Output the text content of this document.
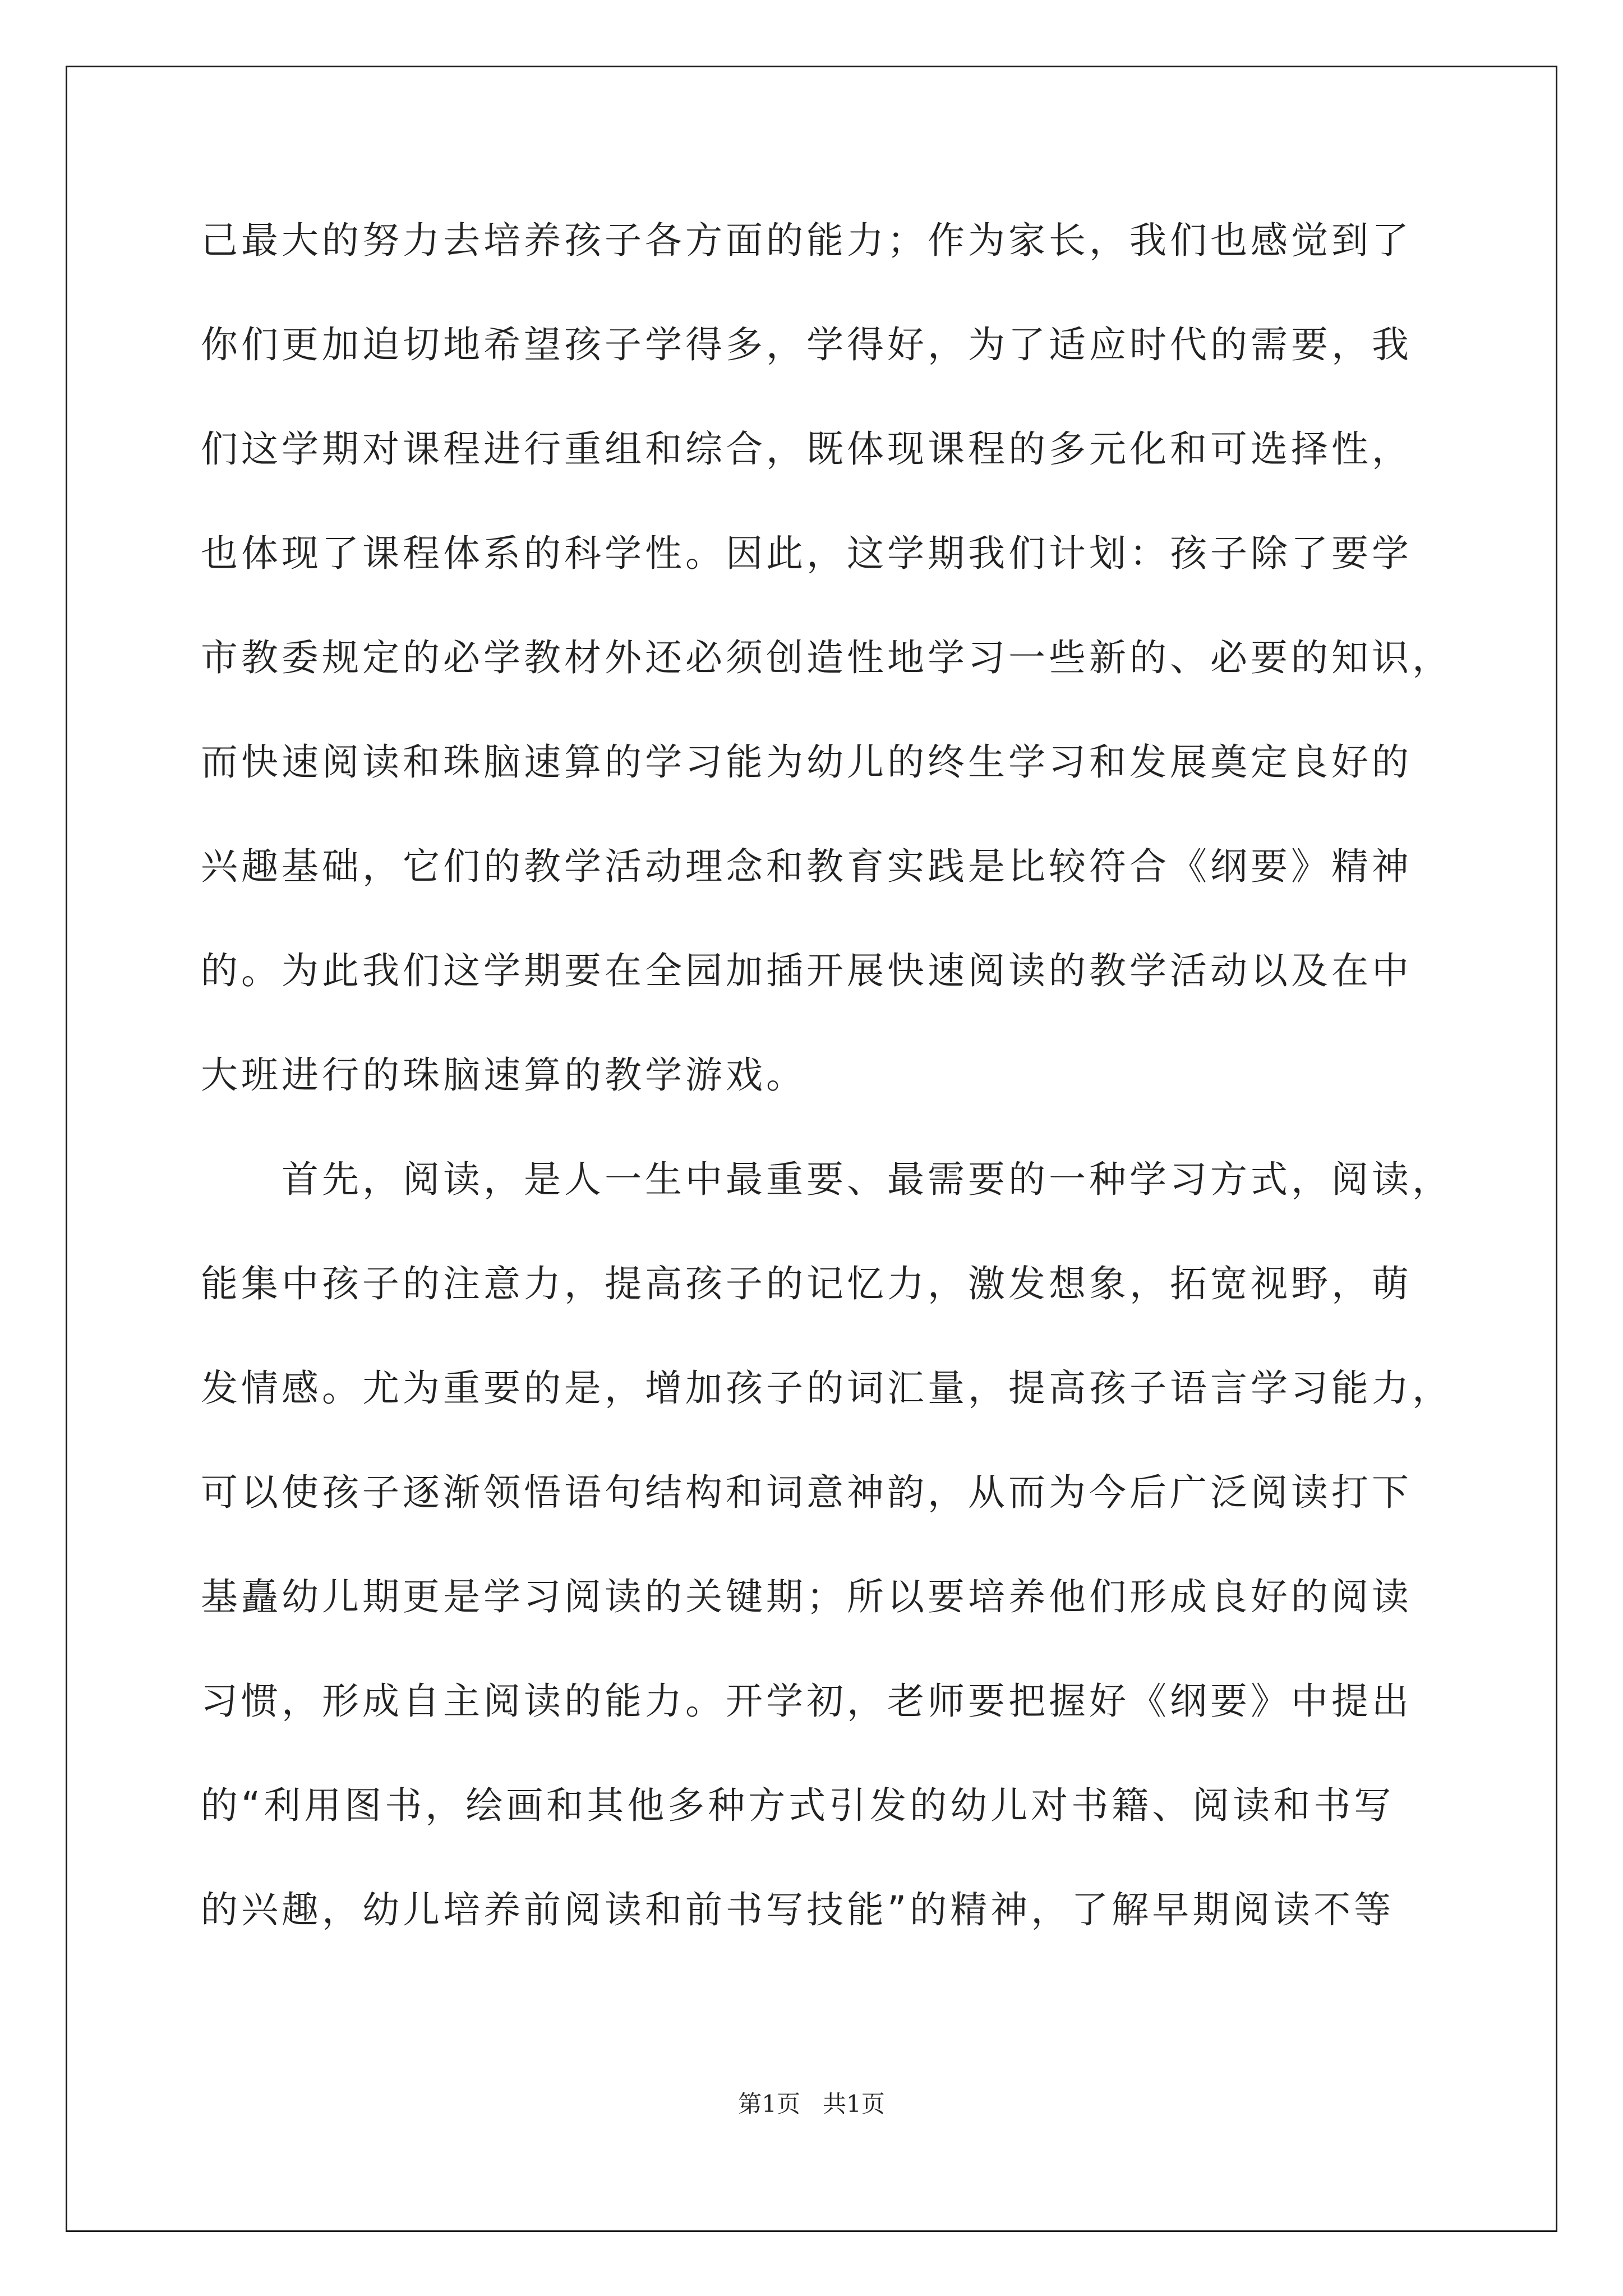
己最大的努力去培养孩子各方面的能力；作为家长，我们也感觉到了
你们更加迫切地希望孩子学得多，学得好，为了适应时代的需要，我
们这学期对课程进行重组和综合，既体现课程的多元化和可选择性，
也体现了课程体系的科学性。因此，这学期我们计划：孩子除了要学
市教委规定的必学教材外还必须创造性地学习一些新的、必要的知识，
而快速阅读和珠脑速算的学习能为幼儿的终生学习和发展奠定良好的
兴趣基础，它们的教学活动理念和教育实践是比较符合《纲要》精神
的。为此我们这学期要在全园加插开展快速阅读的教学活动以及在中
大班进行的珠脑速算的教学游戏。
　　首先，阅读，是人一生中最重要、最需要的一种学习方式，阅读，
能集中孩子的注意力，提高孩子的记忆力，激发想象，拓宽视野，萌
发情感。尤为重要的是，增加孩子的词汇量，提高孩子语言学习能力，
可以使孩子逐渐领悟语句结构和词意神韵，从而为今后广泛阅读打下
基矗幼儿期更是学习阅读的关键期；所以要培养他们形成良好的阅读
习惯，形成自主阅读的能力。开学初，老师要把握好《纲要》中提出
的“利用图书，绘画和其他多种方式引发的幼儿对书籍、阅读和书写
的兴趣，幼儿培养前阅读和前书写技能”的精神，了解早期阅读不等
第1页 共1页
